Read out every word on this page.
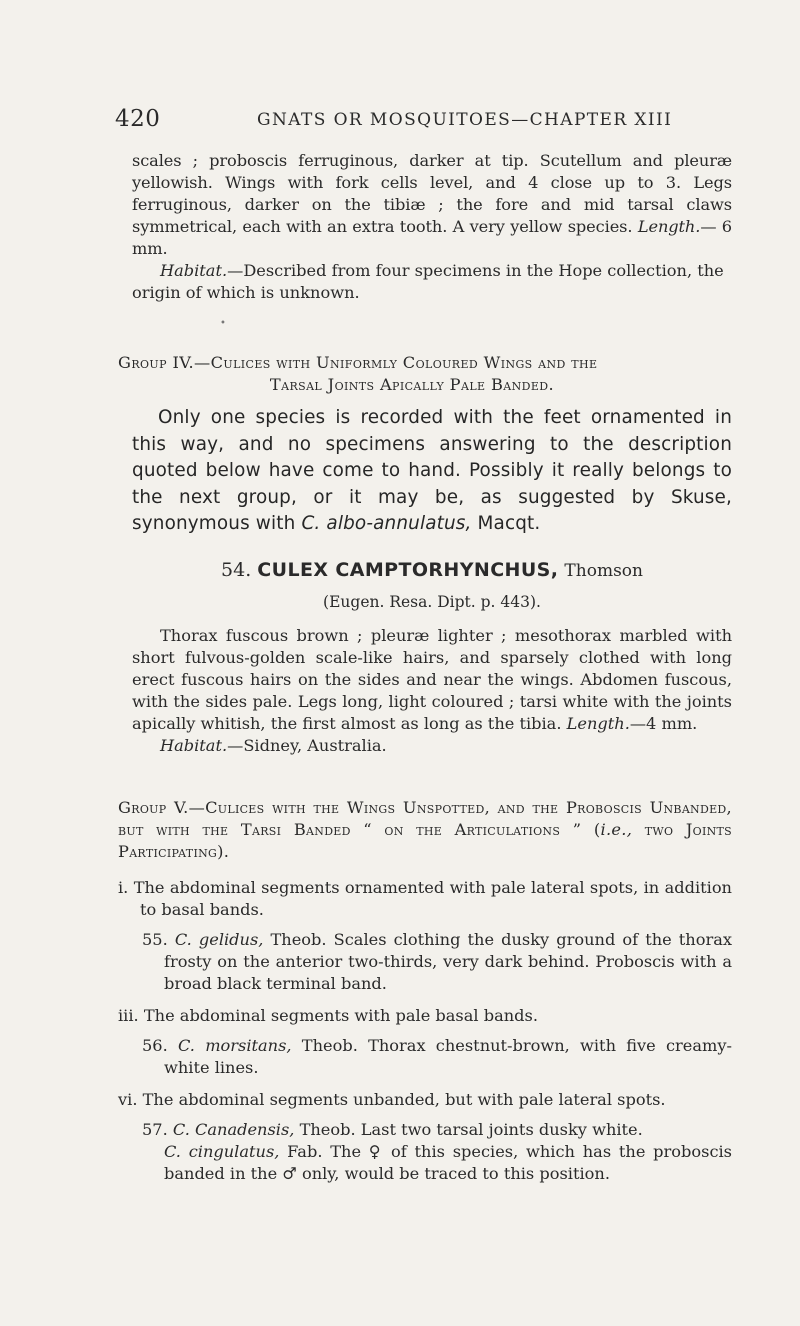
420	GNATS OR MOSQUITOES—CHAPTER XIII

scales ; proboscis ferruginous, darker at tip. Scutellum and pleuræ yellowish. Wings with fork cells level, and 4 close up to 3. Legs ferruginous, darker on the tibiæ ; the fore and mid tarsal claws symmetrical, each with an extra tooth. A very yellow species. Length.— 6 mm.

Habitat.—Described from four specimens in the Hope collection, the origin of which is unknown.

•

Group IV.—Culices with Uniformly Coloured Wings and the
Tarsal Joints Apically Pale Banded.

Only one species is recorded with the feet ornamented in this way, and no specimens answering to the description quoted below have come to hand. Possibly it really belongs to the next group, or it may be, as suggested by Skuse, synonymous with C. albo-annulatus, Macqt.

54. CULEX CAMPTORHYNCHUS, Thomson

(Eugen. Resa. Dipt. p. 443).

Thorax fuscous brown ; pleuræ lighter ; mesothorax marbled with short fulvous-golden scale-like hairs, and sparsely clothed with long erect fuscous hairs on the sides and near the wings. Abdomen fuscous, with the sides pale. Legs long, light coloured ; tarsi white with the joints apically whitish, the first almost as long as the tibia. Length.—4 mm.

Habitat.—Sidney, Australia.

Group V.—Culices with the Wings Unspotted, and the Proboscis Unbanded, but with the Tarsi Banded “ on the Articulations ” (i.e., two Joints Participating).

i. The abdominal segments ornamented with pale lateral spots, in addition to basal bands.

55. C. gelidus, Theob. Scales clothing the dusky ground of the thorax frosty on the anterior two-thirds, very dark behind. Proboscis with a broad black terminal band.

iii. The abdominal segments with pale basal bands.

56. C. morsitans, Theob. Thorax chestnut-brown, with five creamy-white lines.

vi. The abdominal segments unbanded, but with pale lateral spots.

57. C. Canadensis, Theob. Last two tarsal joints dusky white.

C. cingulatus, Fab. The ♀ of this species, which has the proboscis banded in the ♂ only, would be traced to this position.
